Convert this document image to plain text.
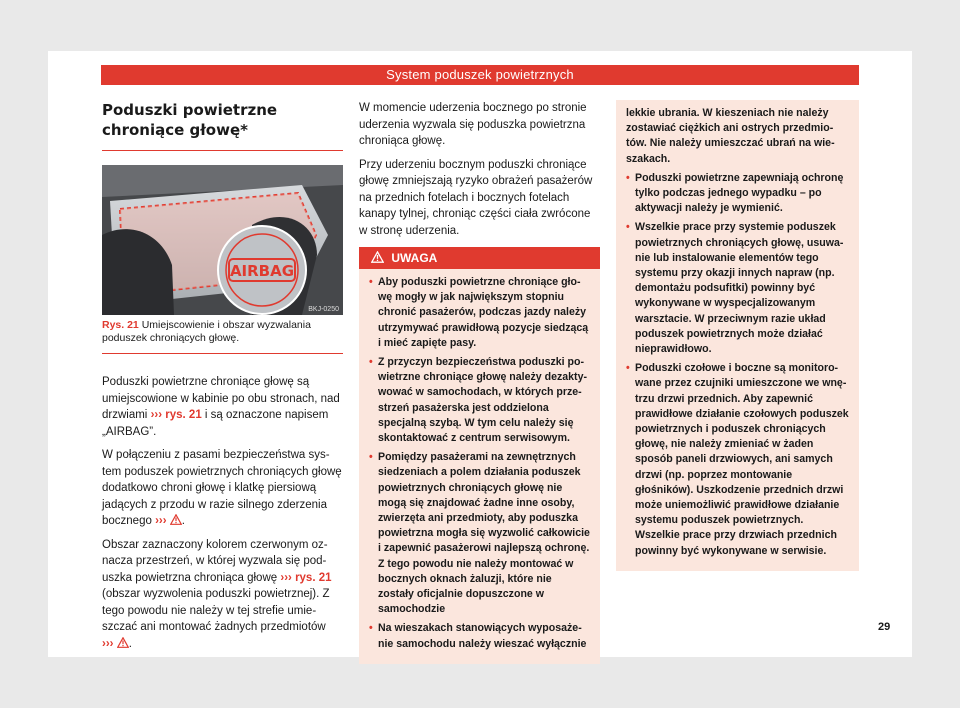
System poduszek powietrznych
Poduszki powietrzne chroniące głowę*
AIRBAG
BKJ-0250
Rys. 21 Umiejscowienie i obszar wyzwalania poduszek chroniących głowę.

Poduszki powietrzne chroniące głowę są umiejscowione w kabinie po obu stronach, nad drzwiami ››› rys. 21 i są oznaczone napisem „AIRBAG”.

W połączeniu z pasami bezpieczeństwa system poduszek powietrznych chroniących głowę dodatkowo chroni głowę i klatkę piersiową jadących z przodu w razie silnego zderzenia bocznego ››› .

Obszar zaznaczony kolorem czerwonym oznacza przestrzeń, w której wyzwala się poduszka powietrzna chroniąca głowę ››› rys. 21 (obszar wyzwolenia poduszki powietrznej). Z tego powodu nie należy w tej strefie umieszczać ani montować żadnych przedmiotów
››› .

W momencie uderzenia bocznego po stronie uderzenia wyzwala się poduszka powietrzna chroniąca głowę.

Przy uderzeniu bocznym poduszki chroniące głowę zmniejszają ryzyko obrażeń pasażerów na przednich fotelach i bocznych fotelach kanapy tylnej, chroniąc części ciała zwrócone w stronę uderzenia.

UWAGA

• Aby poduszki powietrzne chroniące głowę mogły w jak największym stopniu chronić pasażerów, podczas jazdy należy utrzymywać prawidłową pozycje siedzącą i mieć zapięte pasy.

• Z przyczyn bezpieczeństwa poduszki powietrzne chroniące głowę należy dezaktywować w samochodach, w których przestrzeń pasażerska jest oddzielona specjalną szybą. W tym celu należy się skontaktować z centrum serwisowym.

• Pomiędzy pasażerami na zewnętrznych siedzeniach a polem działania poduszek powietrznych chroniących głowę nie mogą się znajdować żadne inne osoby, zwierzęta ani przedmioty, aby poduszka powietrzna mogła się wyzwolić całkowicie i zapewnić pasażerowi najlepszą ochronę. Z tego powodu nie należy montować w bocznych oknach żaluzji, które nie zostały oficjalnie dopuszczone w samochodzie

• Na wieszakach stanowiących wyposażenie samochodu należy wieszać wyłącznie

lekkie ubrania. W kieszeniach nie należy zostawiać ciężkich ani ostrych przedmiotów. Nie należy umieszczać ubrań na wieszakach.

• Poduszki powietrzne zapewniają ochronę tylko podczas jednego wypadku – po aktywacji należy je wymienić.

• Wszelkie prace przy systemie poduszek powietrznych chroniących głowę, usuwanie lub instalowanie elementów tego systemu przy okazji innych napraw (np. demontażu podsufitki) powinny być wykonywane w wyspecjalizowanym warsztacie. W przeciwnym razie układ poduszek powietrznych może działać nieprawidłowo.

• Poduszki czołowe i boczne są monitorowane przez czujniki umieszczone we wnętrzu drzwi przednich. Aby zapewnić prawidłowe działanie czołowych poduszek powietrznych i poduszek chroniących głowę, nie należy zmieniać w żaden sposób paneli drzwiowych, ani samych drzwi (np. poprzez montowanie głośników). Uszkodzenie przednich drzwi może uniemożliwić prawidłowe działanie systemu poduszek powietrznych. Wszelkie prace przy drzwiach przednich powinny być wykonywane w serwisie.

29
